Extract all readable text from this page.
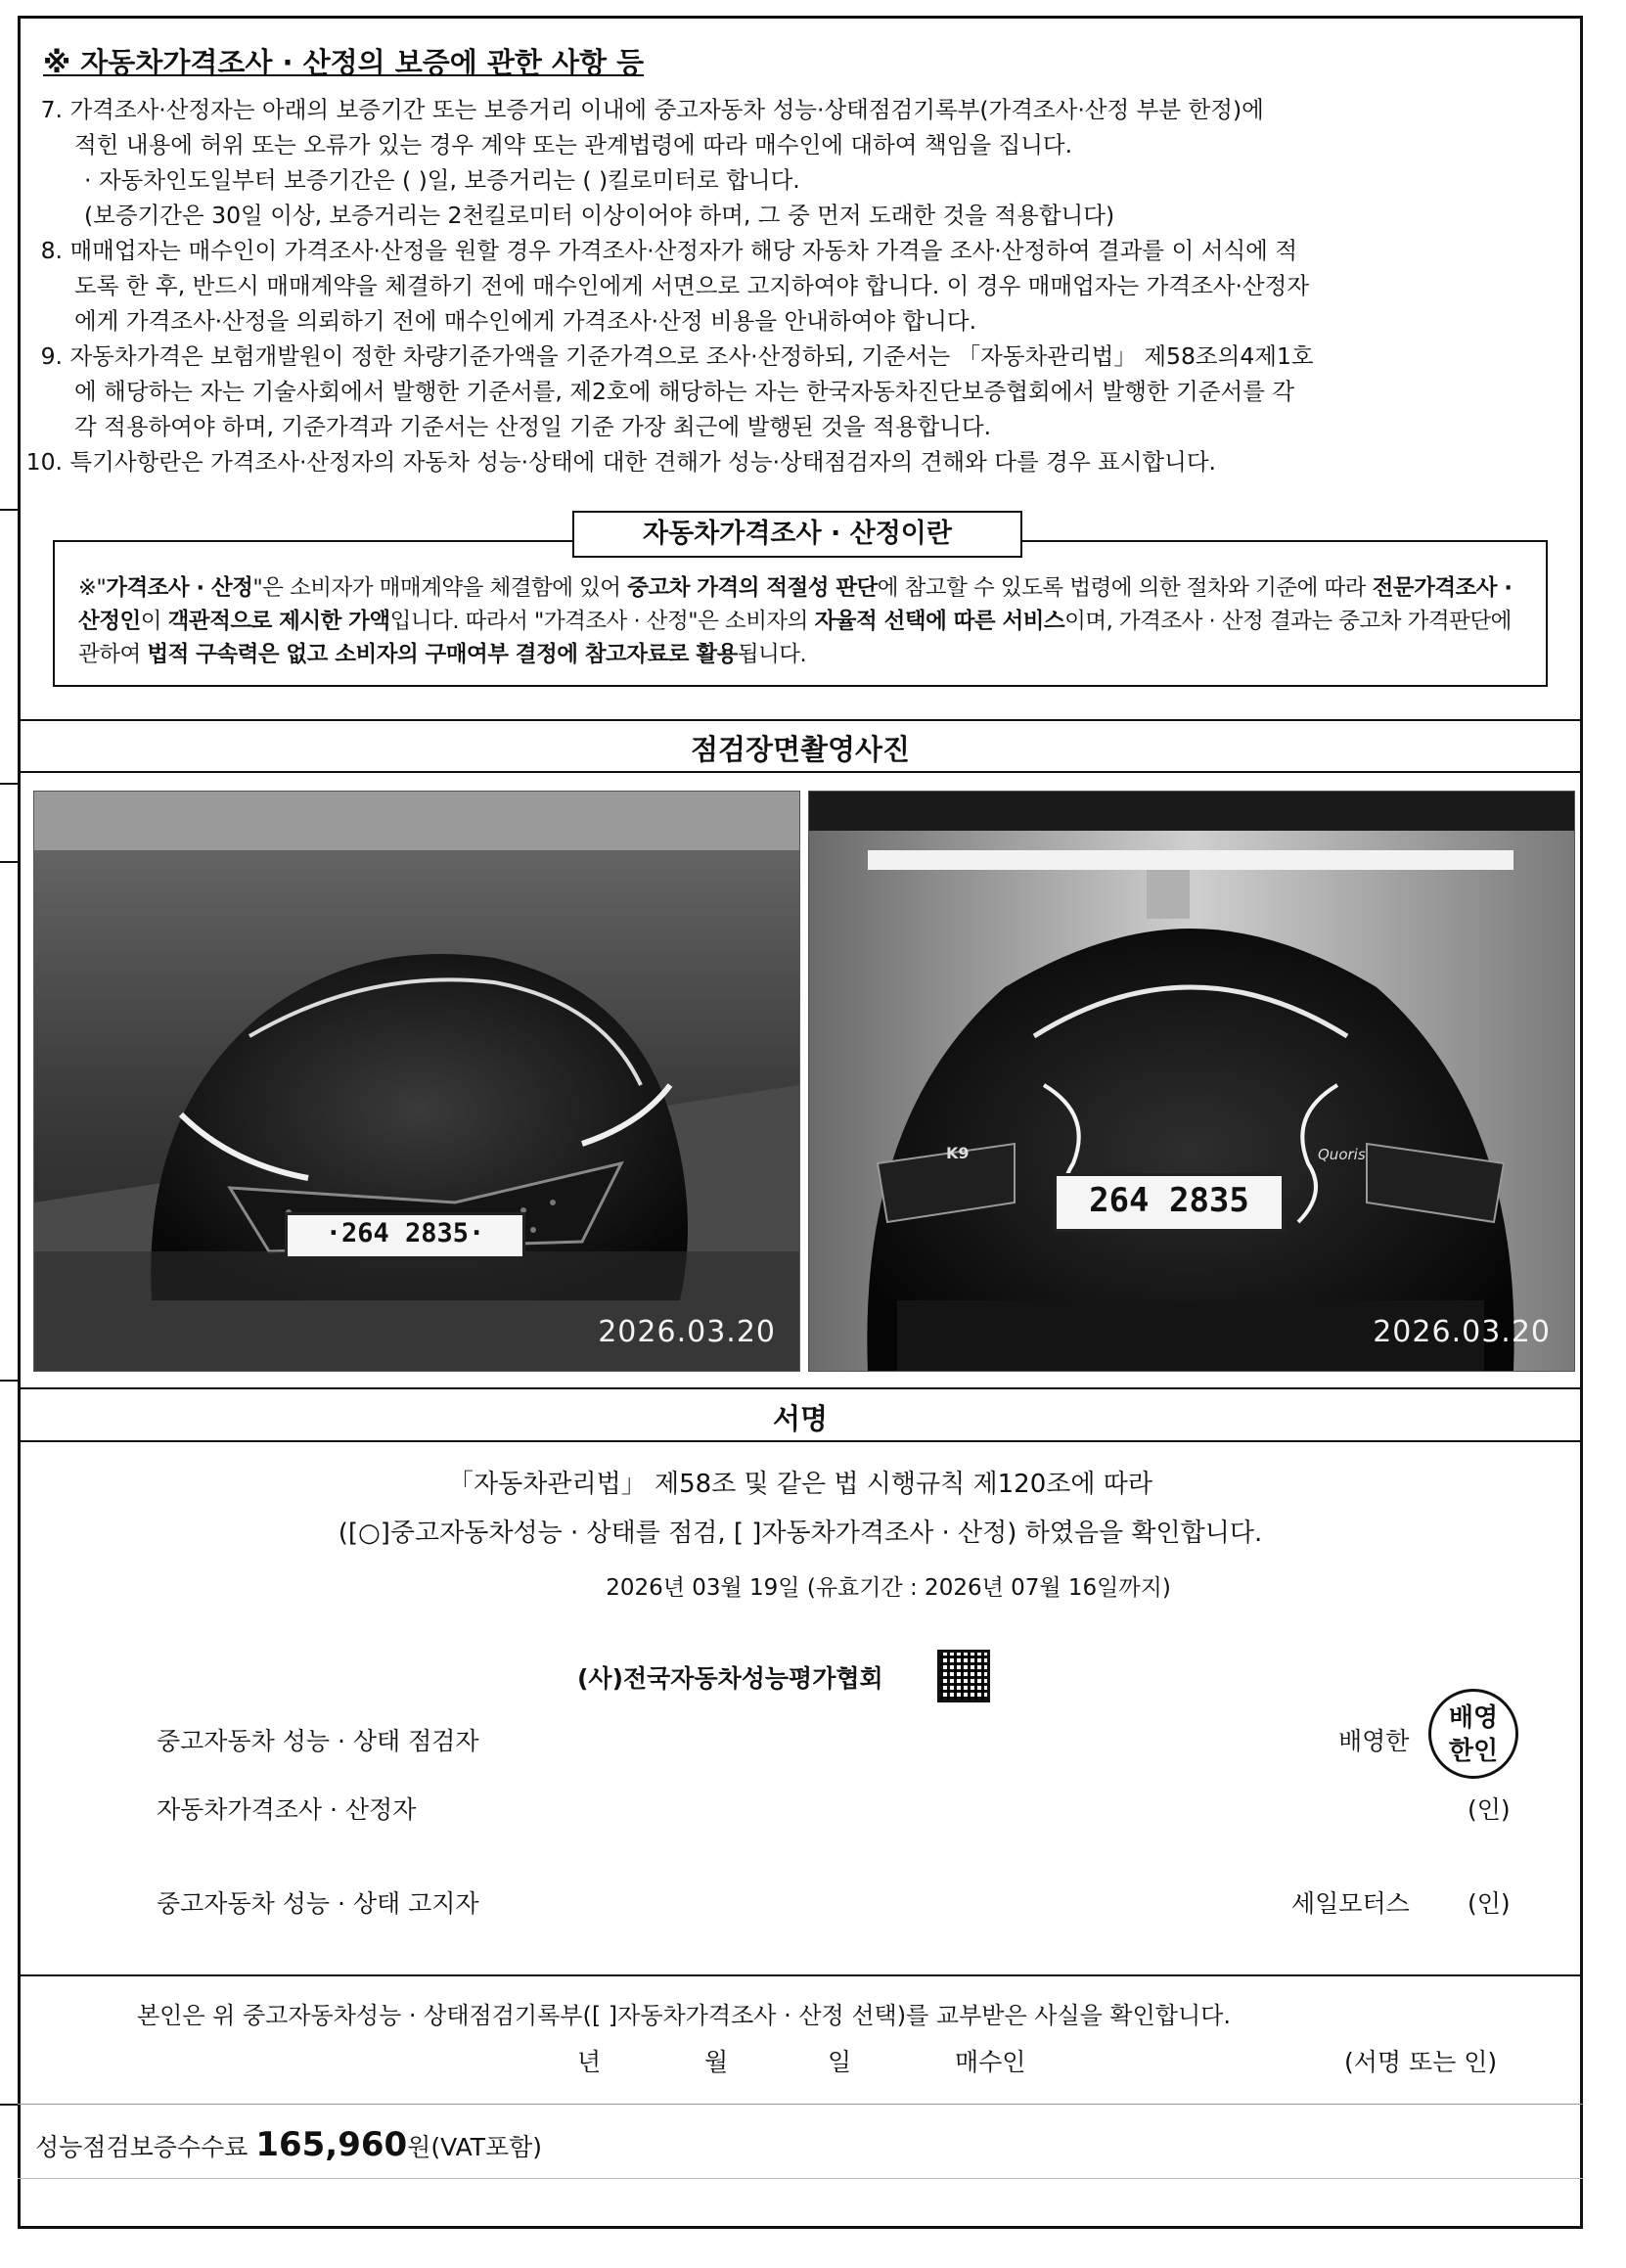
※ 자동차가격조사 · 산정의 보증에 관한 사항 등
7. 가격조사·산정자는 아래의 보증기간 또는 보증거리 이내에 중고자동차 성능·상태점검기록부(가격조사·산정 부분 한정)에
적힌 내용에 허위 또는 오류가 있는 경우 계약 또는 관계법령에 따라 매수인에 대하여 책임을 집니다.
· 자동차인도일부터 보증기간은 ( )일, 보증거리는 ( )킬로미터로 합니다.
(보증기간은 30일 이상, 보증거리는 2천킬로미터 이상이어야 하며, 그 중 먼저 도래한 것을 적용합니다)
8. 매매업자는 매수인이 가격조사·산정을 원할 경우 가격조사·산정자가 해당 자동차 가격을 조사·산정하여 결과를 이 서식에 적
도록 한 후, 반드시 매매계약을 체결하기 전에 매수인에게 서면으로 고지하여야 합니다. 이 경우 매매업자는 가격조사·산정자
에게 가격조사·산정을 의뢰하기 전에 매수인에게 가격조사·산정 비용을 안내하여야 합니다.
9. 자동차가격은 보험개발원이 정한 차량기준가액을 기준가격으로 조사·산정하되, 기준서는 「자동차관리법」 제58조의4제1호
에 해당하는 자는 기술사회에서 발행한 기준서를, 제2호에 해당하는 자는 한국자동차진단보증협회에서 발행한 기준서를 각
각 적용하여야 하며, 기준가격과 기준서는 산정일 기준 가장 최근에 발행된 것을 적용합니다.
10. 특기사항란은 가격조사·산정자의 자동차 성능·상태에 대한 견해가 성능·상태점검자의 견해와 다를 경우 표시합니다.
자동차가격조사 · 산정이란
※"가격조사 · 산정"은 소비자가 매매계약을 체결함에 있어 중고차 가격의 적절성 판단에 참고할 수 있도록 법령에 의한 절차와 기준에 따라 전문가격조사 · 산정인이 객관적으로 제시한 가액입니다. 따라서 "가격조사 · 산정"은 소비자의 자율적 선택에 따른 서비스이며, 가격조사 · 산정 결과는 중고차 가격판단에 관하여 법적 구속력은 없고 소비자의 구매여부 결정에 참고자료로 활용됩니다.
점검장면촬영사진
·264 2835·
2026.03.20
K9	Quoris
264 2835
2026.03.20
서명
「자동차관리법」 제58조 및 같은 법 시행규칙 제120조에 따라
([○]중고자동차성능 · 상태를 점검, [ ]자동차가격조사 · 산정) 하였음을 확인합니다.
2026년 03월 19일 (유효기간 : 2026년 07월 16일까지)
(사)전국자동차성능평가협회
중고자동차 성능 · 상태 점검자	배영한
배영
한인
자동차가격조사 · 산정자	(인)
중고자동차 성능 · 상태 고지자	세일모터스 (인)
본인은 위 중고자동차성능 · 상태점검기록부([ ]자동차가격조사 · 산정 선택)를 교부받은 사실을 확인합니다.
년	월	일	매수인	(서명 또는 인)
성능점검보증수수료 165,960원(VAT포함)
